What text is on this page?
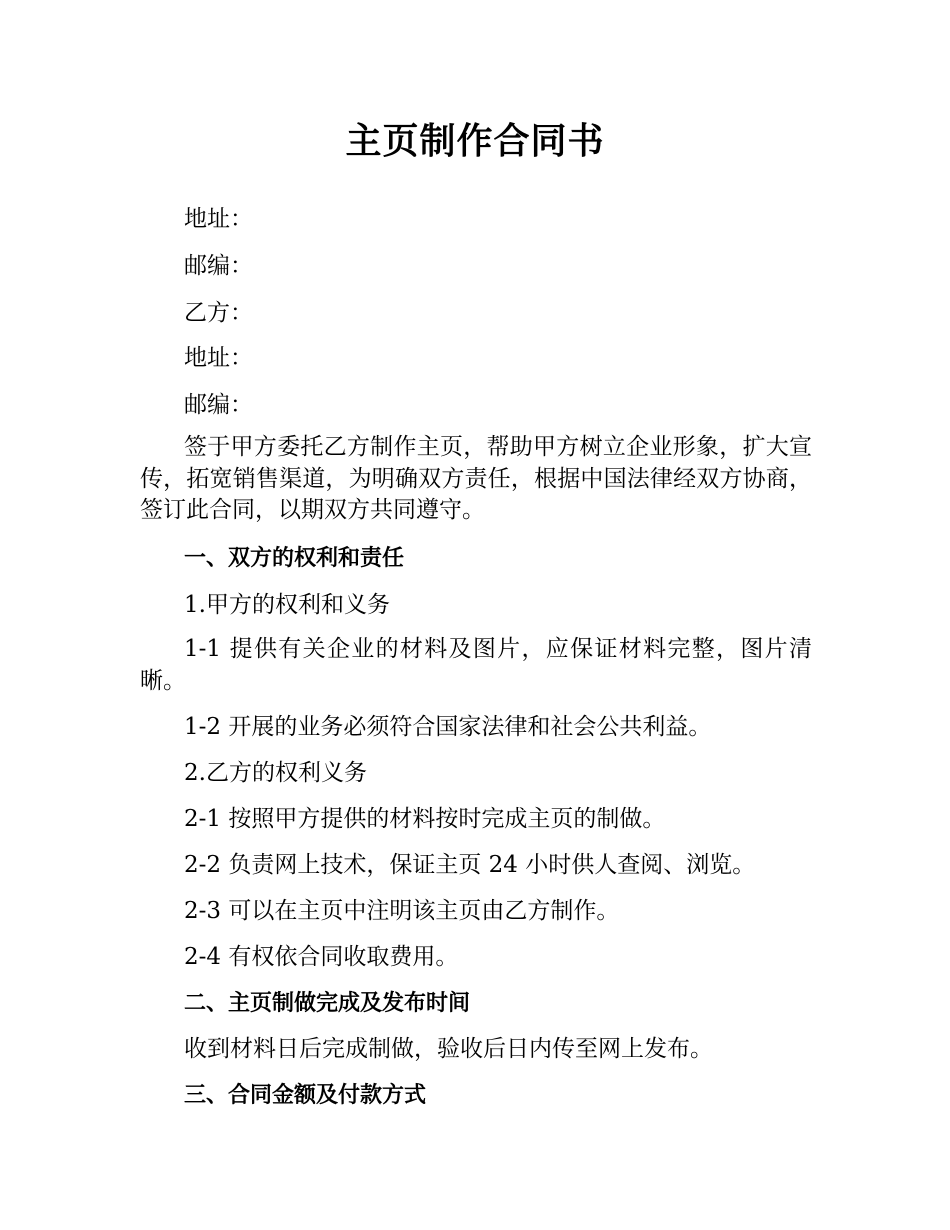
主页制作合同书

地址：

邮编：

乙方：

地址：

邮编：

签于甲方委托乙方制作主页，帮助甲方树立企业形象，扩大宣传，拓宽销售渠道，为明确双方责任，根据中国法律经双方协商，签订此合同，以期双方共同遵守。

一、双方的权利和责任

1.甲方的权利和义务

1-1 提供有关企业的材料及图片，应保证材料完整，图片清晰。

1-2 开展的业务必须符合国家法律和社会公共利益。

2.乙方的权利义务

2-1 按照甲方提供的材料按时完成主页的制做。

2-2 负责网上技术，保证主页 24 小时供人查阅、浏览。

2-3 可以在主页中注明该主页由乙方制作。

2-4 有权依合同收取费用。

二、主页制做完成及发布时间

收到材料日后完成制做，验收后日内传至网上发布。

三、合同金额及付款方式
